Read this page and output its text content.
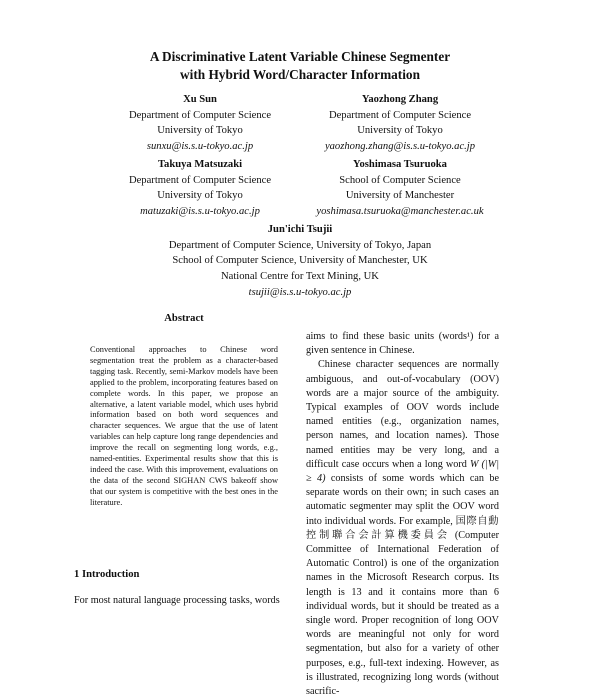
A Discriminative Latent Variable Chinese Segmenter
with Hybrid Word/Character Information
Xu Sun
Department of Computer Science
University of Tokyo
sunxu@is.s.u-tokyo.ac.jp
Yaozhong Zhang
Department of Computer Science
University of Tokyo
yaozhong.zhang@is.s.u-tokyo.ac.jp
Takuya Matsuzaki
Department of Computer Science
University of Tokyo
matuzaki@is.s.u-tokyo.ac.jp
Yoshimasa Tsuruoka
School of Computer Science
University of Manchester
yoshimasa.tsuruoka@manchester.ac.uk
Jun'ichi Tsujii
Department of Computer Science, University of Tokyo, Japan
School of Computer Science, University of Manchester, UK
National Centre for Text Mining, UK
tsujii@is.s.u-tokyo.ac.jp
Abstract
Conventional approaches to Chinese word segmentation treat the problem as a character-based tagging task. Recently, semi-Markov models have been applied to the problem, incorporating features based on complete words. In this paper, we propose an alternative, a latent variable model, which uses hybrid information based on both word sequences and character sequences. We argue that the use of latent variables can help capture long range dependencies and improve the recall on segmenting long words, e.g., named-entities. Experimental results show that this is indeed the case. With this improvement, evaluations on the data of the second SIGHAN CWS bakeoff show that our system is competitive with the best ones in the literature.
1 Introduction
For most natural language processing tasks, words

aims to find these basic units (words¹) for a given sentence in Chinese.

Chinese character sequences are normally ambiguous, and out-of-vocabulary (OOV) words are a major source of the ambiguity. Typical examples of OOV words include named entities (e.g., organization names, person names, and location names). Those named entities may be very long, and a difficult case occurs when a long word W (|W| ≥ 4) consists of some words which can be separate words on their own; in such cases an automatic segmenter may split the OOV word into individual words. For example, 国際自動控制聯合会計算機委員会 (Computer Committee of International Federation of Automatic Control) is one of the organization names in the Microsoft Research corpus. Its length is 13 and it contains more than 6 individual words, but it should be treated as a single word. Proper recognition of long OOV words are meaningful not only for word segmentation, but also for a variety of other purposes, e.g., full-text indexing. However, as is illustrated, recognizing long words (without sacrific-
